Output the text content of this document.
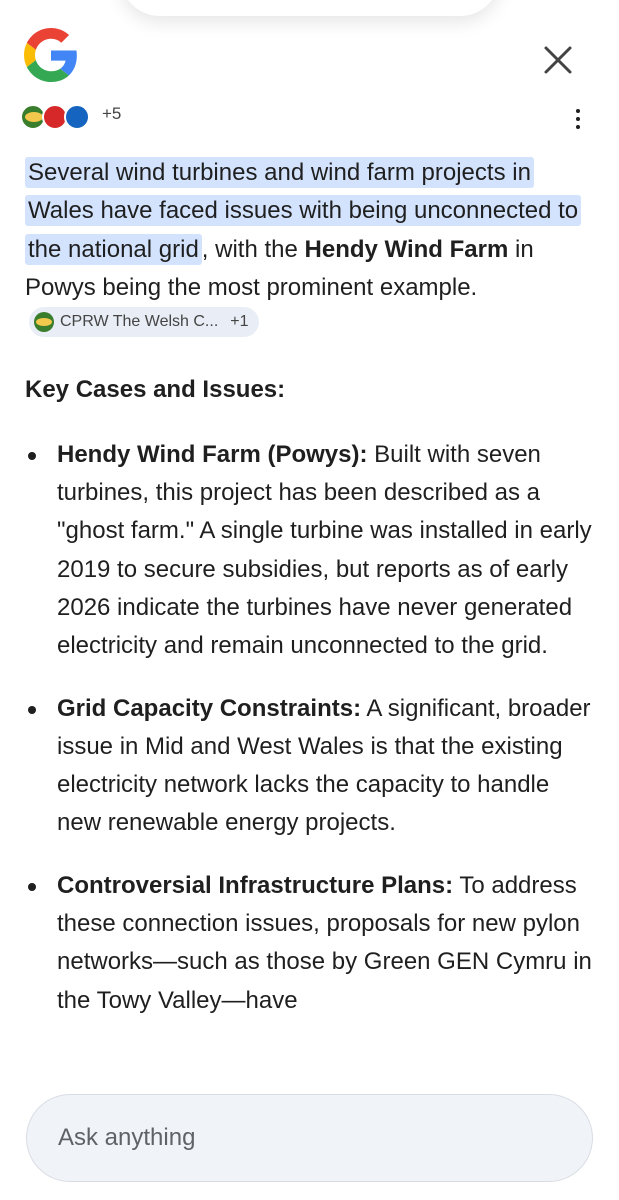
+5

Several wind turbines and wind farm projects in Wales have faced issues with being unconnected to the national grid , with the Hendy Wind Farm in Powys being the most prominent example.
CPRW The Welsh C... +1

Key Cases and Issues:

Hendy Wind Farm (Powys): Built with seven turbines, this project has been described as a "ghost farm." A single turbine was installed in early 2019 to secure subsidies, but reports as of early 2026 indicate the turbines have never generated electricity and remain unconnected to the grid.
Grid Capacity Constraints: A significant, broader issue in Mid and West Wales is that the existing electricity network lacks the capacity to handle new renewable energy projects.
Controversial Infrastructure Plans: To address these connection issues, proposals for new pylon networks—such as those by Green GEN Cymru in the Towy Valley—have
Ask anything
